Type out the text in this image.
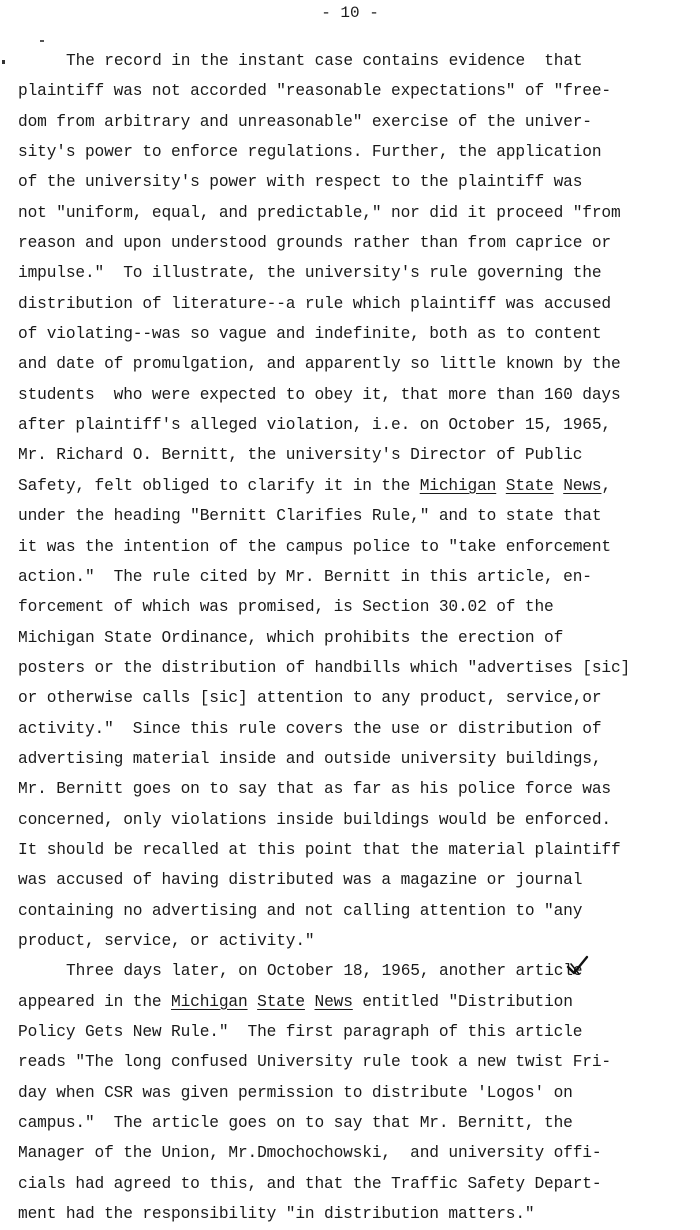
- 10 -
The record in the instant case contains evidence  that
plaintiff was not accorded "reasonable expectations" of "free-
dom from arbitrary and unreasonable" exercise of the univer-
sity's power to enforce regulations. Further, the application
of the university's power with respect to the plaintiff was
not "uniform, equal, and predictable," nor did it proceed "from
reason and upon understood grounds rather than from caprice or
impulse."  To illustrate, the university's rule governing the
distribution of literature--a rule which plaintiff was accused
of violating--was so vague and indefinite, both as to content
and date of promulgation, and apparently so little known by the
students  who were expected to obey it, that more than 160 days
after plaintiff's alleged violation, i.e. on October 15, 1965,
Mr. Richard O. Bernitt, the university's Director of Public
Safety, felt obliged to clarify it in the Michigan State News,
under the heading "Bernitt Clarifies Rule," and to state that
it was the intention of the campus police to "take enforcement
action."  The rule cited by Mr. Bernitt in this article, en-
forcement of which was promised, is Section 30.02 of the
Michigan State Ordinance, which prohibits the erection of
posters or the distribution of handbills which "advertises [sic]
or otherwise calls [sic] attention to any product, service,or
activity."  Since this rule covers the use or distribution of
advertising material inside and outside university buildings,
Mr. Bernitt goes on to say that as far as his police force was
concerned, only violations inside buildings would be enforced.
It should be recalled at this point that the material plaintiff
was accused of having distributed was a magazine or journal
containing no advertising and not calling attention to "any
product, service, or activity."
Three days later, on October 18, 1965, another article
appeared in the Michigan State News entitled "Distribution
Policy Gets New Rule."  The first paragraph of this article
reads "The long confused University rule took a new twist Fri-
day when CSR was given permission to distribute 'Logos' on
campus."  The article goes on to say that Mr. Bernitt, the
Manager of the Union, Mr.Dmochochowski,  and university offi-
cials had agreed to this, and that the Traffic Safety Depart-
ment had the responsibility "in distribution matters."
